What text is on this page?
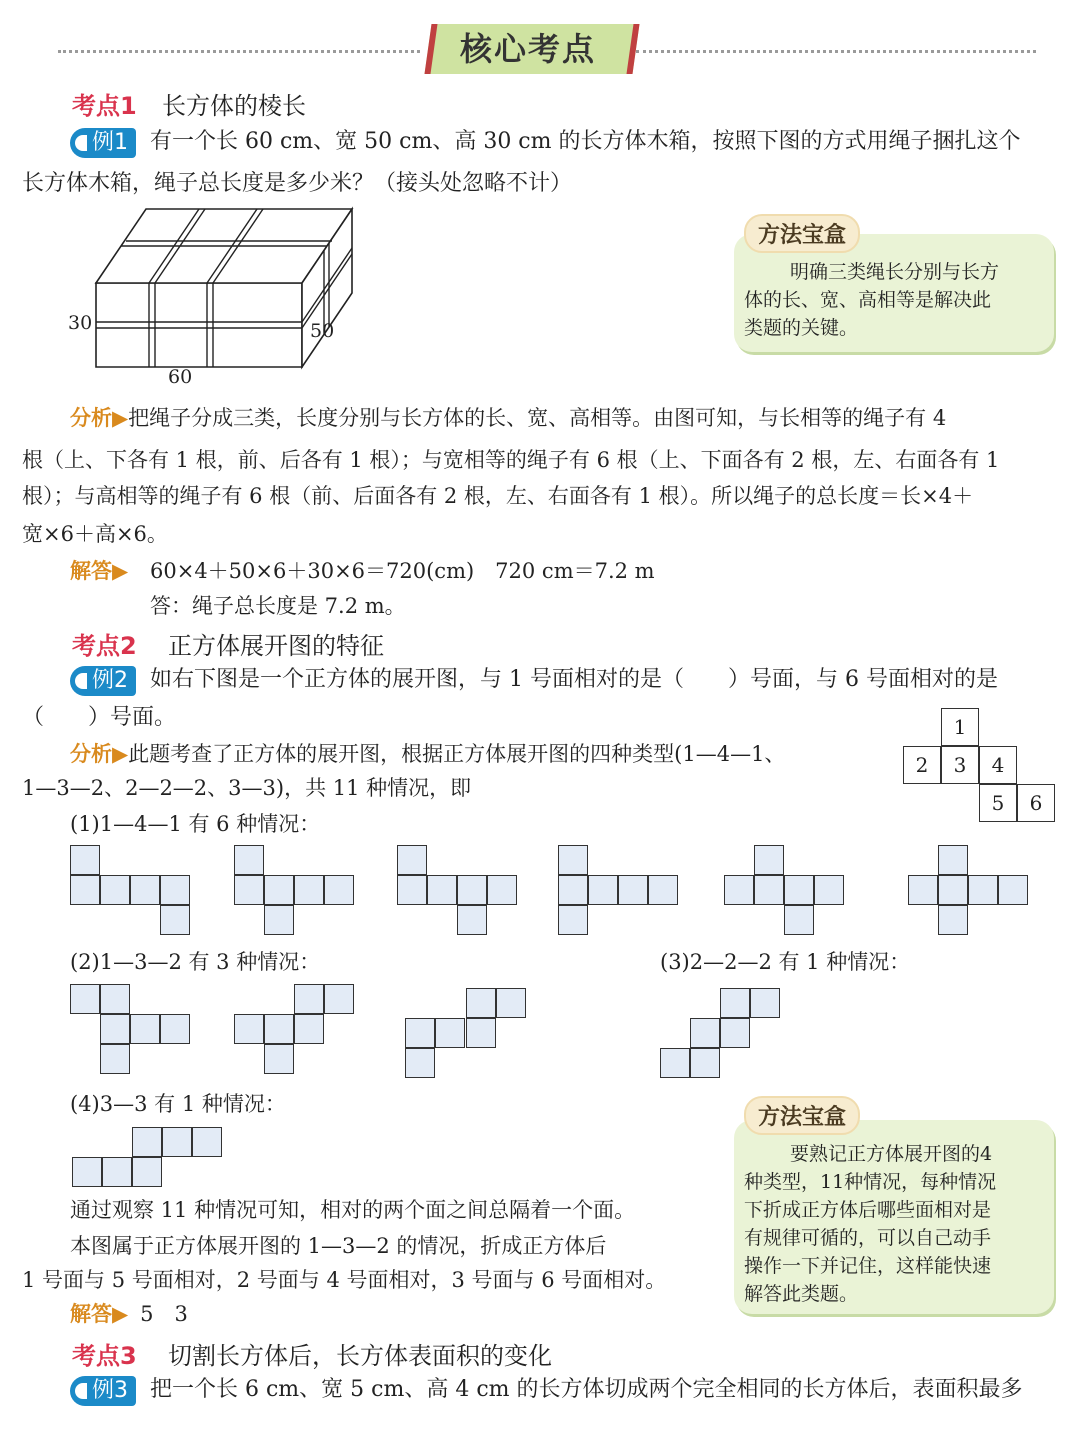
核心考点
考点1 长方体的棱长
例1	有一个长 60 cm、宽 50 cm、高 30 cm 的长方体木箱，按照下图的方式用绳子捆扎这个
长方体木箱，绳子总长度是多少米？（接头处忽略不计）
30	50
60
方法宝盒
明确三类绳长分别与长方
体的长、宽、高相等是解决此
类题的关键。
分析▶把绳子分成三类，长度分别与长方体的长、宽、高相等。由图可知，与长相等的绳子有 4
根（上、下各有 1 根，前、后各有 1 根）；与宽相等的绳子有 6 根（上、下面各有 2 根，左、右面各有 1
根）；与高相等的绳子有 6 根（前、后面各有 2 根，左、右面各有 1 根）。所以绳子的总长度＝长×4＋
宽×6＋高×6。
解答▶ 60×4＋50×6＋30×6＝720(cm)　720 cm＝7.2 m
答：绳子总长度是 7.2 m。
考点2 正方体展开图的特征
例2	如右下图是一个正方体的展开图，与 1 号面相对的是（　　）号面，与 6 号面相对的是
（　　）号面。	1
2	3	4
5	6
分析▶此题考查了正方体的展开图，根据正方体展开图的四种类型(1—4—1、
1—3—2、2—2—2、3—3)，共 11 种情况，即
(1)1—4—1 有 6 种情况：
(2)1—3—2 有 3 种情况：	(3)2—2—2 有 1 种情况：
(4)3—3 有 1 种情况：
通过观察 11 种情况可知，相对的两个面之间总隔着一个面。
本图属于正方体展开图的 1—3—2 的情况，折成正方体后
1 号面与 5 号面相对，2 号面与 4 号面相对，3 号面与 6 号面相对。
解答▶ 5　3
方法宝盒
要熟记正方体展开图的4
种类型，11种情况，每种情况
下折成正方体后哪些面相对是
有规律可循的，可以自己动手
操作一下并记住，这样能快速
解答此类题。
考点3 切割长方体后，长方体表面积的变化
例3	把一个长 6 cm、宽 5 cm、高 4 cm 的长方体切成两个完全相同的长方体后，表面积最多
